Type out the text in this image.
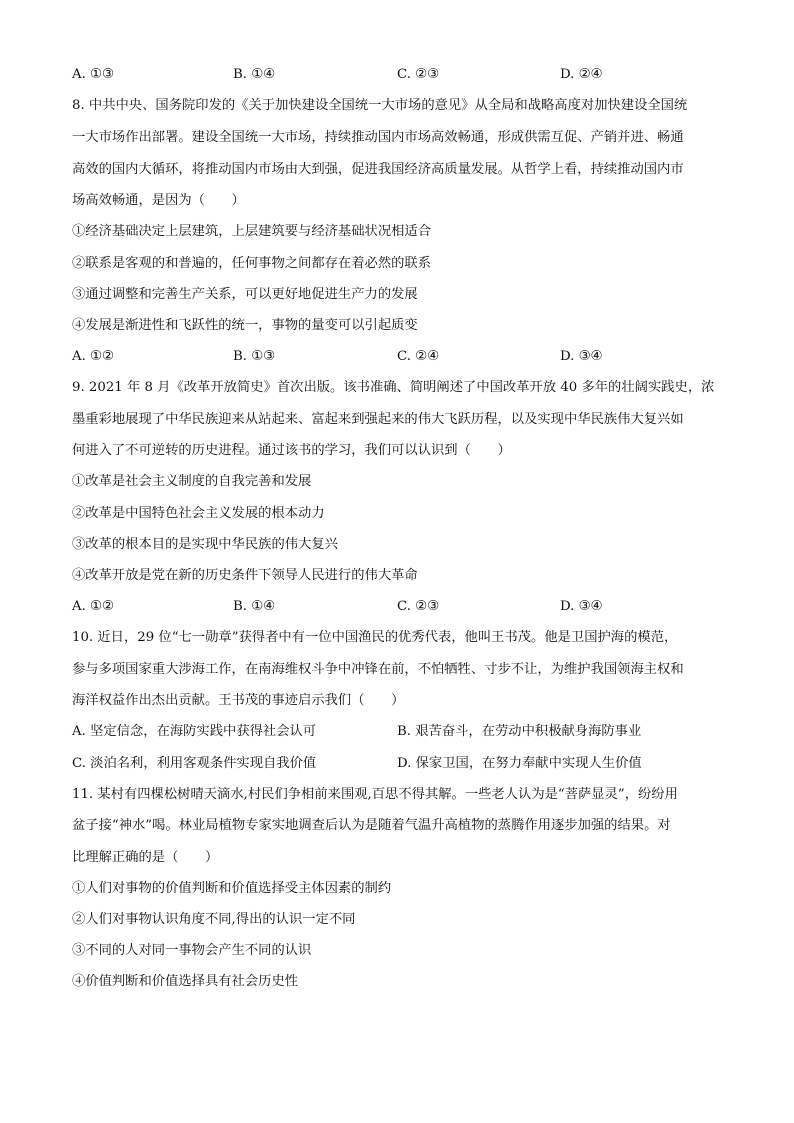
A. ①③	B. ①④	C. ②③	D. ②④
8. 中共中央、国务院印发的《关于加快建设全国统一大市场的意见》从全局和战略高度对加快建设全国统
一大市场作出部署。建设全国统一大市场，持续推动国内市场高效畅通，形成供需互促、产销并进、畅通
高效的国内大循环，将推动国内市场由大到强，促进我国经济高质量发展。从哲学上看，持续推动国内市
场高效畅通，是因为（　　）
①经济基础决定上层建筑，上层建筑要与经济基础状况相适合
②联系是客观的和普遍的，任何事物之间都存在着必然的联系
③通过调整和完善生产关系，可以更好地促进生产力的发展
④发展是渐进性和飞跃性的统一，事物的量变可以引起质变
A. ①②	B. ①③	C. ②④	D. ③④
9. 2021 年 8 月《改革开放简史》首次出版。该书准确、简明阐述了中国改革开放 40 多年的壮阔实践史，浓
墨重彩地展现了中华民族迎来从站起来、富起来到强起来的伟大飞跃历程，以及实现中华民族伟大复兴如
何进入了不可逆转的历史进程。通过该书的学习，我们可以认识到（　　）
①改革是社会主义制度的自我完善和发展
②改革是中国特色社会主义发展的根本动力
③改革的根本目的是实现中华民族的伟大复兴
④改革开放是党在新的历史条件下领导人民进行的伟大革命
A. ①②	B. ①④	C. ②③	D. ③④
10. 近日，29 位“七一勋章”获得者中有一位中国渔民的优秀代表，他叫王书茂。他是卫国护海的模范，
参与多项国家重大涉海工作，在南海维权斗争中冲锋在前，不怕牺牲、寸步不让，为维护我国领海主权和
海洋权益作出杰出贡献。王书茂的事迹启示我们（　　）
A. 坚定信念，在海防实践中获得社会认可	B. 艰苦奋斗，在劳动中积极献身海防事业
C. 淡泊名利，利用客观条件实现自我价值	D. 保家卫国，在努力奉献中实现人生价值
11. 某村有四棵松树晴天滴水,村民们争相前来围观,百思不得其解。一些老人认为是“菩萨显灵”，纷纷用
盆子接“神水”喝。林业局植物专家实地调查后认为是随着气温升高植物的蒸腾作用逐步加强的结果。对
比理解正确的是（　　）
①人们对事物的价值判断和价值选择受主体因素的制约
②人们对事物认识角度不同,得出的认识一定不同
③不同的人对同一事物会产生不同的认识
④价值判断和价值选择具有社会历史性
